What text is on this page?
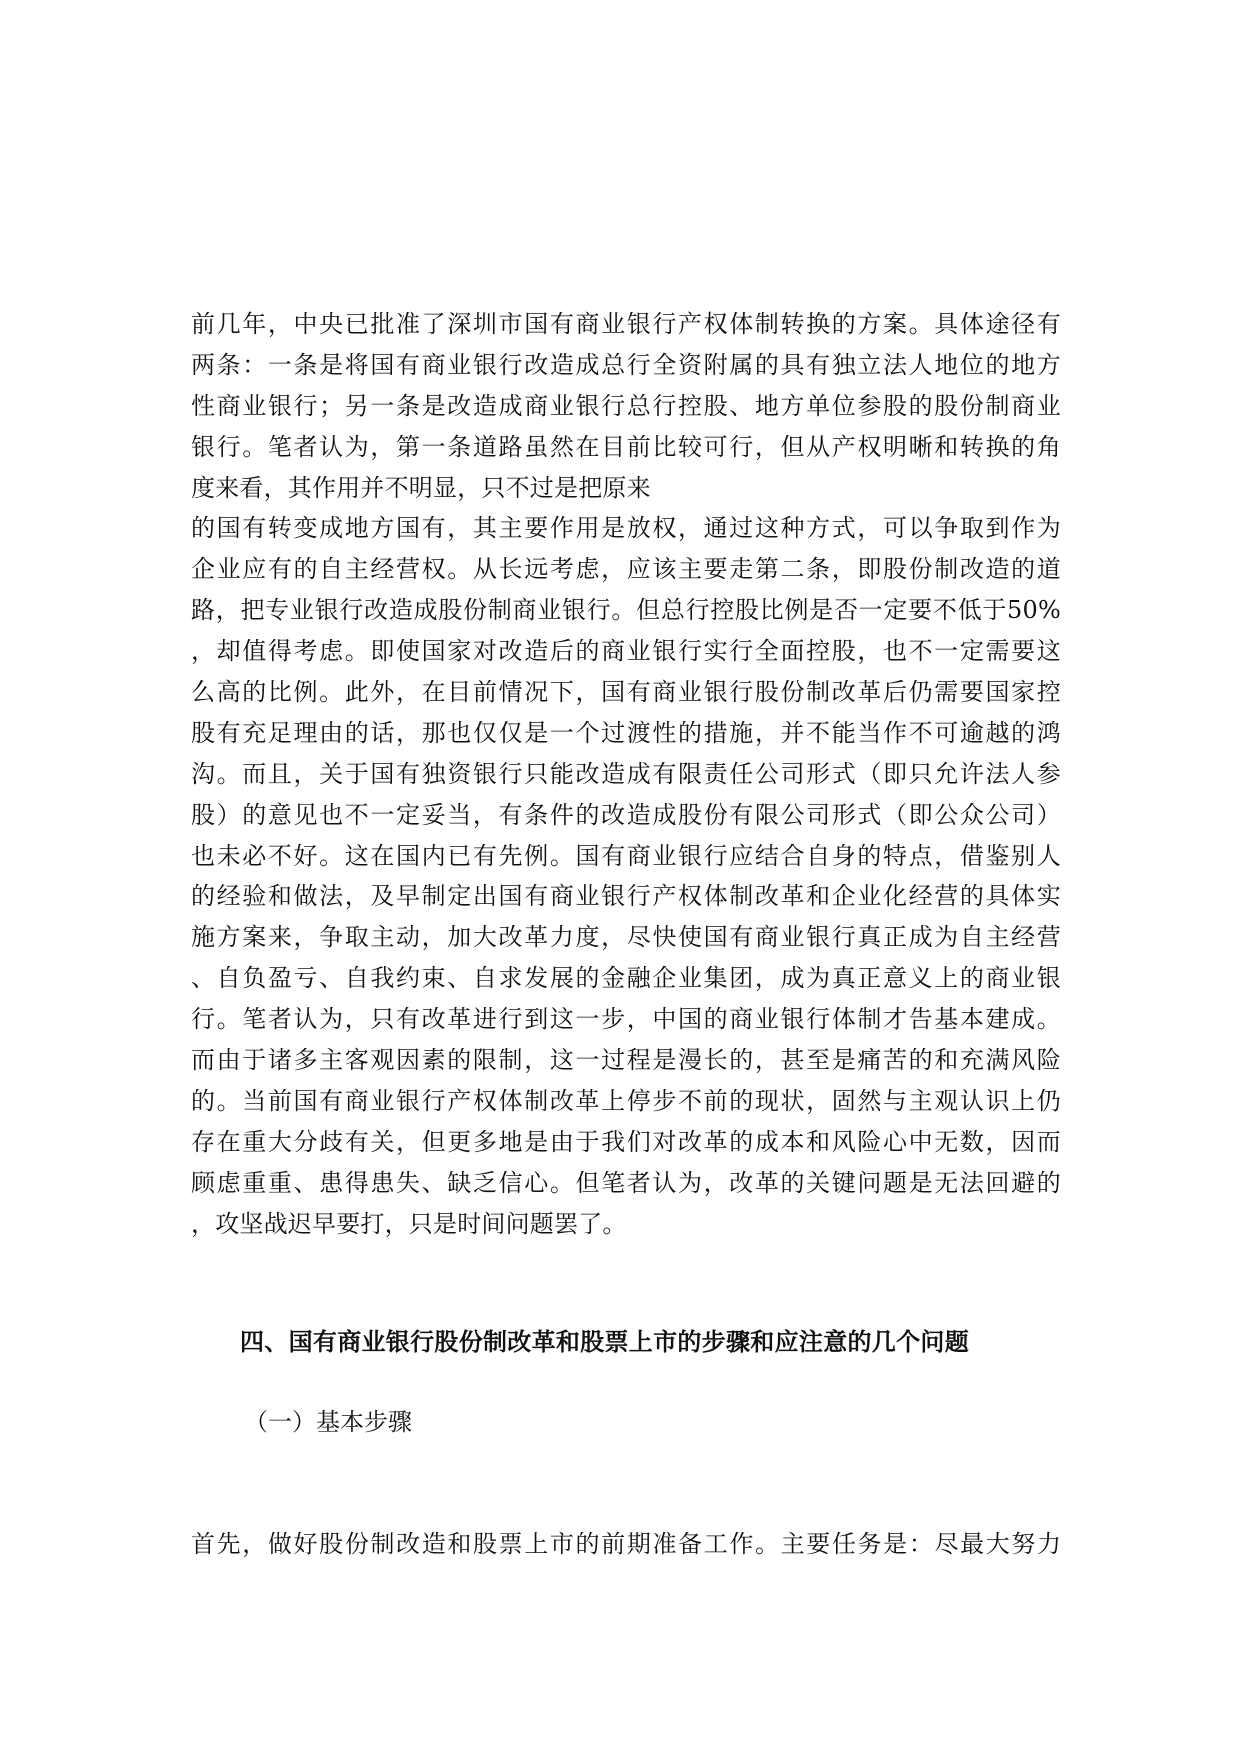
前几年，中央已批准了深圳市国有商业银行产权体制转换的方案。具体途径有
两条：一条是将国有商业银行改造成总行全资附属的具有独立法人地位的地方
性商业银行；另一条是改造成商业银行总行控股、地方单位参股的股份制商业
银行。笔者认为，第一条道路虽然在目前比较可行，但从产权明晰和转换的角
度来看，其作用并不明显，只不过是把原来
的国有转变成地方国有，其主要作用是放权，通过这种方式，可以争取到作为
企业应有的自主经营权。从长远考虑，应该主要走第二条，即股份制改造的道
路，把专业银行改造成股份制商业银行。但总行控股比例是否一定要不低于50%
，却值得考虑。即使国家对改造后的商业银行实行全面控股，也不一定需要这
么高的比例。此外，在目前情况下，国有商业银行股份制改革后仍需要国家控
股有充足理由的话，那也仅仅是一个过渡性的措施，并不能当作不可逾越的鸿
沟。而且，关于国有独资银行只能改造成有限责任公司形式（即只允许法人参
股）的意见也不一定妥当，有条件的改造成股份有限公司形式（即公众公司）
也未必不好。这在国内已有先例。国有商业银行应结合自身的特点，借鉴别人
的经验和做法，及早制定出国有商业银行产权体制改革和企业化经营的具体实
施方案来，争取主动，加大改革力度，尽快使国有商业银行真正成为自主经营
、自负盈亏、自我约束、自求发展的金融企业集团，成为真正意义上的商业银
行。笔者认为，只有改革进行到这一步，中国的商业银行体制才告基本建成。
而由于诸多主客观因素的限制，这一过程是漫长的，甚至是痛苦的和充满风险
的。当前国有商业银行产权体制改革上停步不前的现状，固然与主观认识上仍
存在重大分歧有关，但更多地是由于我们对改革的成本和风险心中无数，因而
顾虑重重、患得患失、缺乏信心。但笔者认为，改革的关键问题是无法回避的
，攻坚战迟早要打，只是时间问题罢了。
四、国有商业银行股份制改革和股票上市的步骤和应注意的几个问题
（一）基本步骤
首先，做好股份制改造和股票上市的前期准备工作。主要任务是：尽最大努力
